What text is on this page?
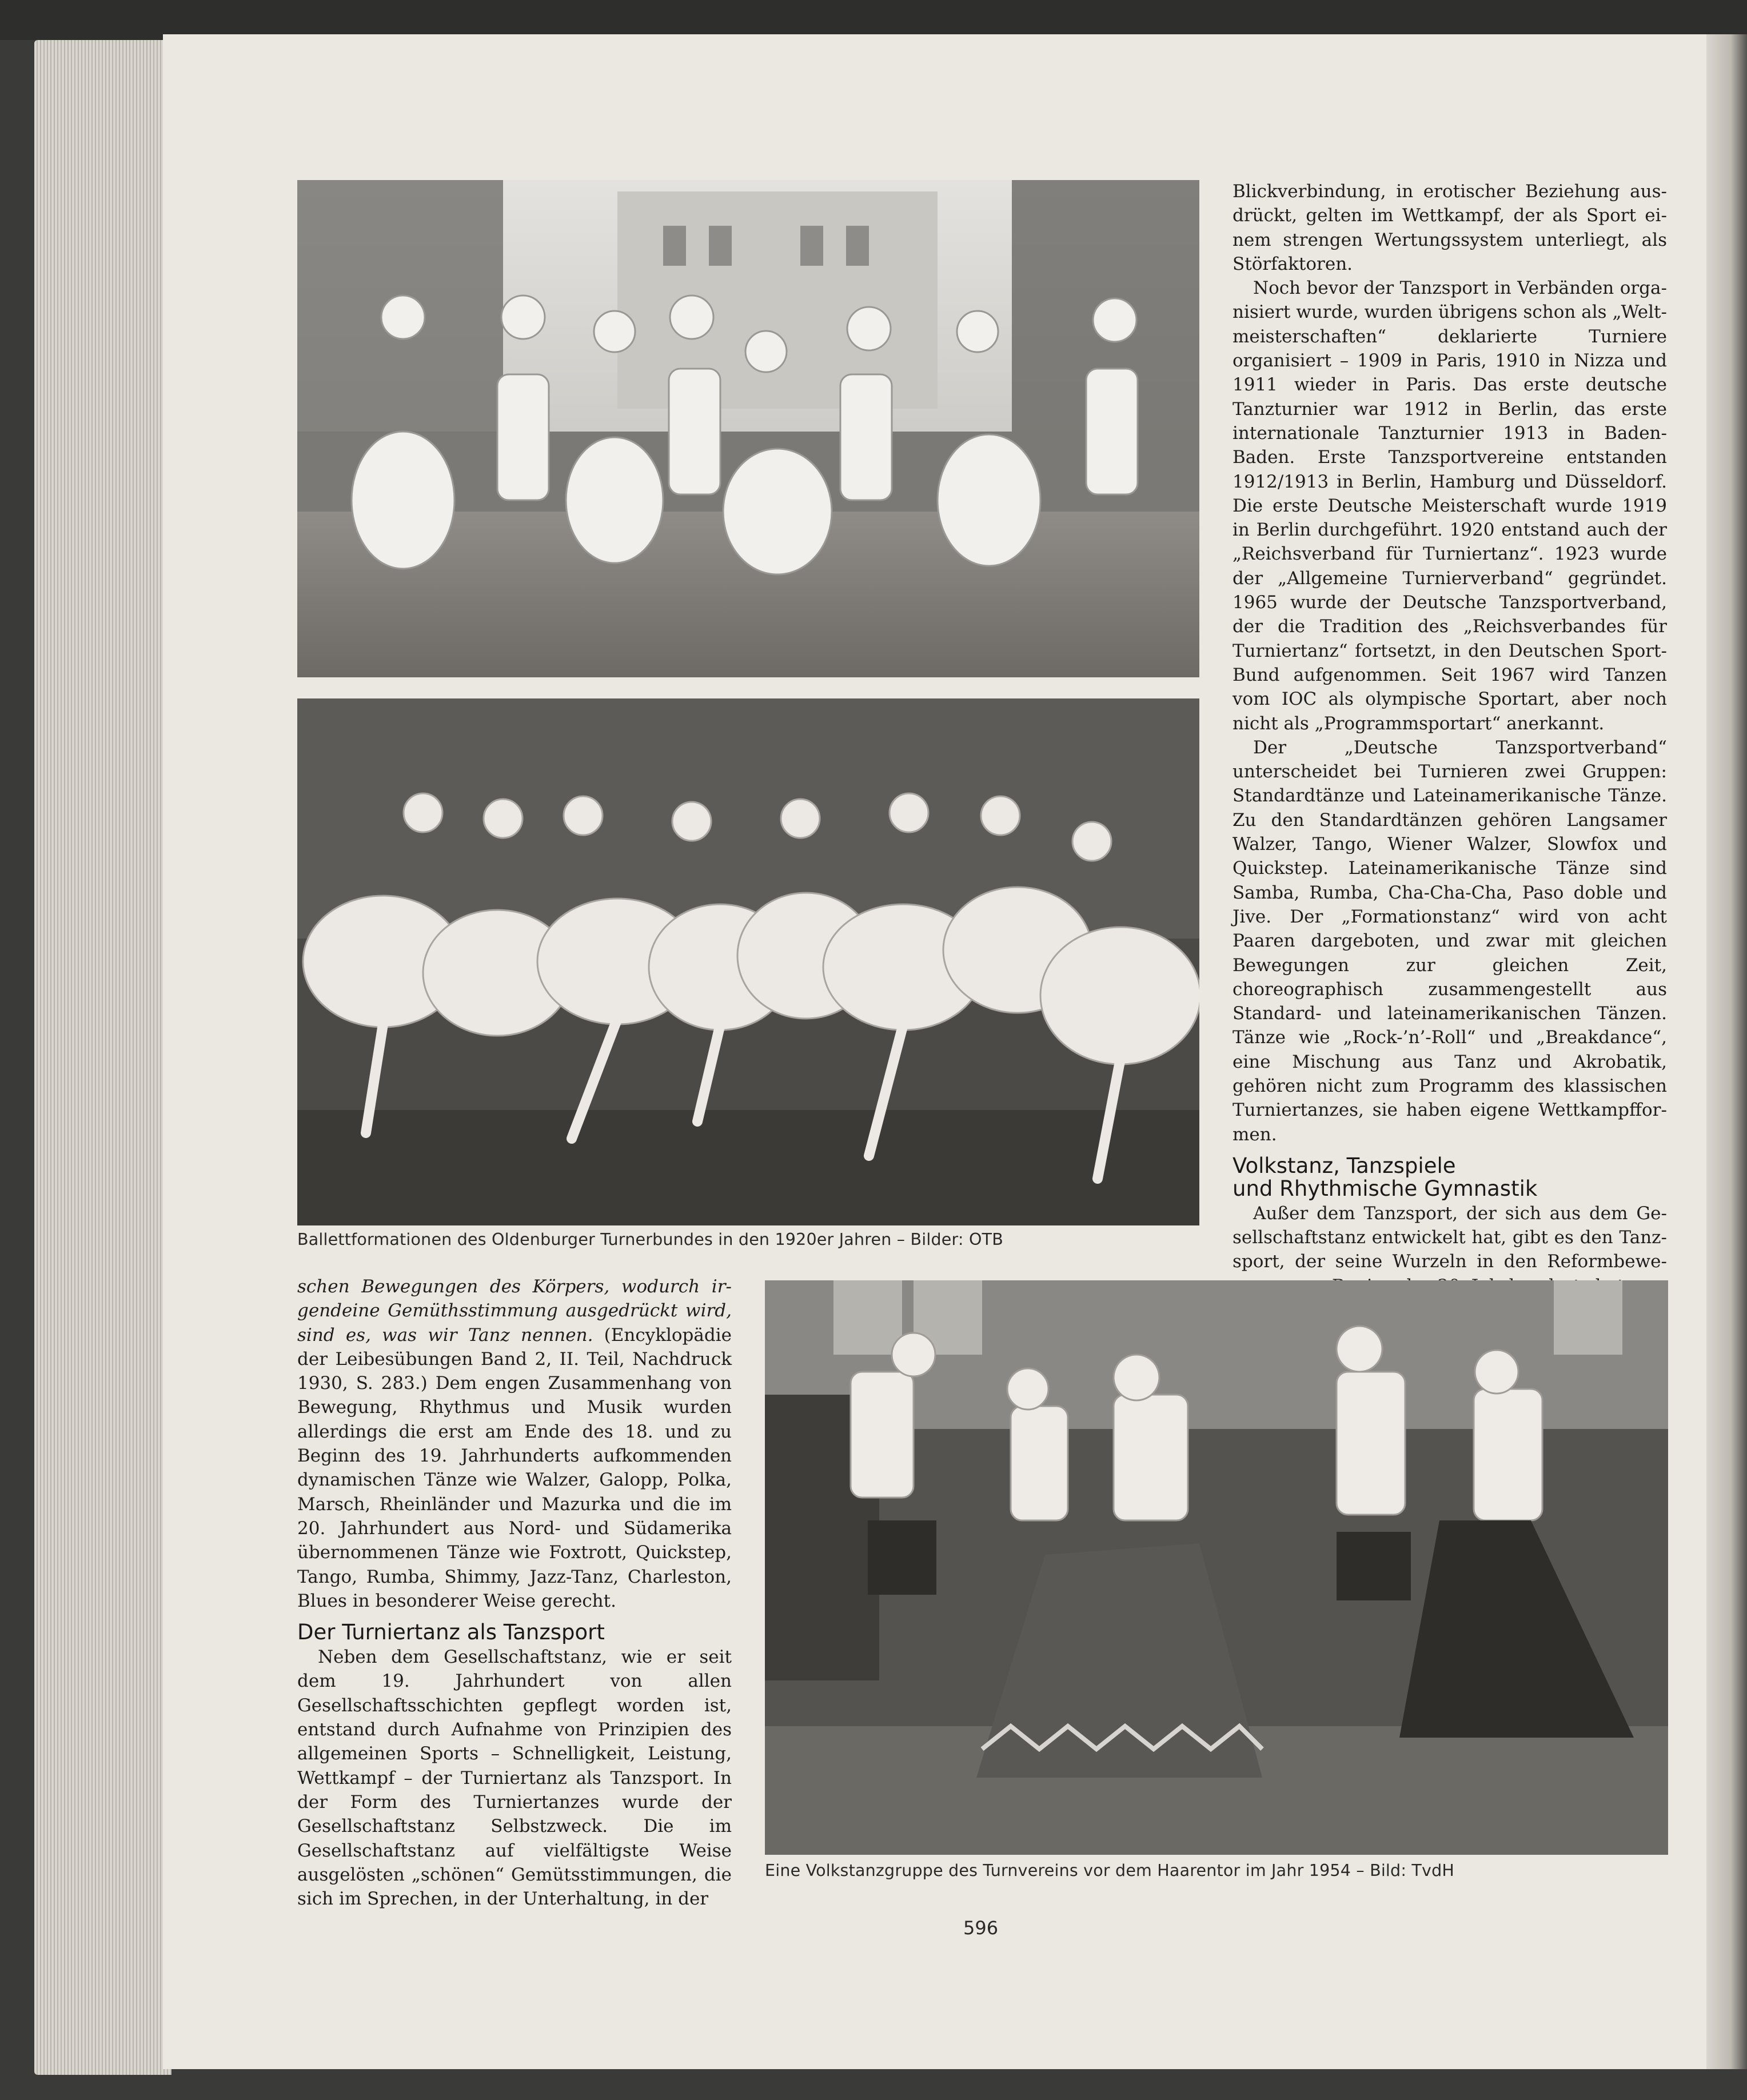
Ballettformationen des Oldenburger Turnerbundes in den 1920er Jahren – Bilder: OTB

Blickverbindung, in erotischer Beziehung ausdrückt, gelten im Wettkampf, der als Sport einem strengen Wertungssystem unterliegt, als Störfaktoren.

Noch bevor der Tanzsport in Verbänden organisiert wurde, wurden übrigens schon als „Weltmeisterschaften“ deklarierte Turniere organisiert – 1909 in Paris, 1910 in Nizza und 1911 wieder in Paris. Das erste deutsche Tanzturnier war 1912 in Berlin, das erste internationale Tanzturnier 1913 in Baden-Baden. Erste Tanzsportvereine entstanden 1912/1913 in Berlin, Hamburg und Düsseldorf. Die erste Deutsche Meisterschaft wurde 1919 in Berlin durchgeführt. 1920 entstand auch der „Reichsverband für Turniertanz“. 1923 wurde der „Allgemeine Turnierverband“ gegründet. 1965 wurde der Deutsche Tanzsportverband, der die Tradition des „Reichsverbandes für Turniertanz“ fortsetzt, in den Deutschen Sport-Bund aufgenommen. Seit 1967 wird Tanzen vom IOC als olympische Sportart, aber noch nicht als „Programmsportart“ anerkannt.

Der „Deutsche Tanzsportverband“ unterscheidet bei Turnieren zwei Gruppen: Standardtänze und Lateinamerikanische Tänze. Zu den Standardtänzen gehören Langsamer Walzer, Tango, Wiener Walzer, Slowfox und Quickstep. Lateinamerikanische Tänze sind Samba, Rumba, Cha-Cha-Cha, Paso doble und Jive. Der „Formationstanz“ wird von acht Paaren dargeboten, und zwar mit gleichen Bewegungen zur gleichen Zeit, choreographisch zusammengestellt aus Standard- und lateinamerikanischen Tänzen. Tänze wie „Rock-’n’-Roll“ und „Breakdance“, eine Mischung aus Tanz und Akrobatik, gehören nicht zum Programm des klassischen Turniertanzes, sie haben eigene Wettkampfformen.

Volkstanz, Tanzspiele
und Rhythmische Gymnastik

Außer dem Tanzsport, der sich aus dem Gesellschaftstanz entwickelt hat, gibt es den Tanzsport, der seine Wurzeln in den Reformbewe

schen Bewegungen des Körpers, wodurch irgendeine Gemüthsstimmung ausgedrückt wird, sind es, was wir Tanz nennen. (Encyklopädie der Leibesübungen Band 2, II. Teil, Nachdruck 1930, S. 283.) Dem engen Zusammenhang von Bewegung, Rhythmus und Musik wurden allerdings die erst am Ende des 18. und zu Beginn des 19. Jahrhunderts aufkommenden dynamischen Tänze wie Walzer, Galopp, Polka, Marsch, Rheinländer und Mazurka und die im 20. Jahrhundert aus Nord- und Südamerika übernommenen Tänze wie Foxtrott, Quickstep, Tango, Rumba, Shimmy, Jazz-Tanz, Charleston, Blues in besonderer Weise gerecht.

Der Turniertanz als Tanzsport

Neben dem Gesellschaftstanz, wie er seit dem 19. Jahrhundert von allen Gesellschaftsschichten gepflegt worden ist, entstand durch Aufnahme von Prinzipien des allgemeinen Sports – Schnelligkeit, Leistung, Wettkampf – der Turniertanz als Tanzsport. In der Form des Turniertanzes wurde der Gesellschaftstanz Selbstzweck. Die im Gesellschaftstanz auf vielfältigste Weise ausgelösten „schönen“ Gemütsstimmungen, die sich im Sprechen, in der Unterhaltung, in der

Eine Volkstanzgruppe des Turnvereins vor dem Haarentor im Jahr 1954 – Bild: TvdH
596
